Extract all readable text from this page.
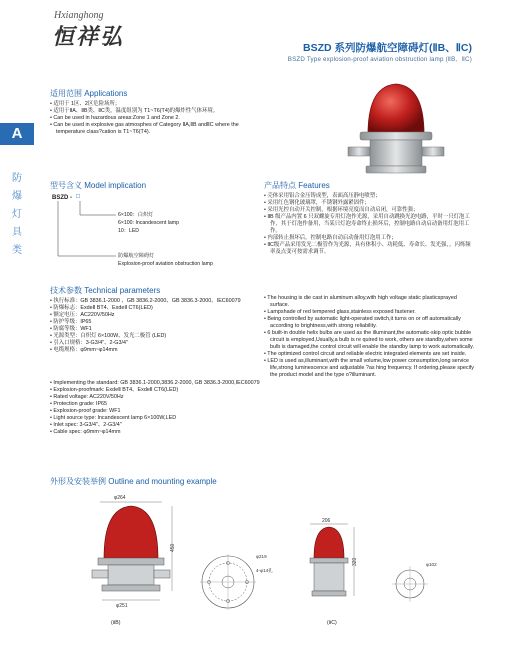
Hxianghong
恒祥弘	BSZD 系列防爆航空障碍灯(ⅡB、ⅡC)
BSZD Type explosion-proof aviation obstruction lamp (ⅡB、ⅡC)
A
防
爆
灯
具
类
适用范围 Applications

• 适用于 1区、2区危险场所；

• 适用于ⅡA、ⅡB类、ⅡC类，温度组别为 T1~T6(T4)的爆炸性气体环境。

• Can be used in hazardous areas:Zone 1 and Zone 2.

• Can be used in explosive gas atmosphes of Category ⅡA,ⅡB andⅡC where the temperature class?cation is T1~T6(T4).

型号含义 Model implication
BSZD - □
6×100：白炽灯
6×100: Incandescent lamp
10：LED
防爆航空障碍灯
Explosion-proof aviation obstruction lamp
技术参数 Technical parameters

• 执行标准：GB 3836.1-2000 、GB 3836.2-2000、GB 3836.3-2000、IEC60079

• 防爆标志：ExdeⅡ BT4、ExdeⅡ CT6(LED)

• 额定电压：AC220V/50Hz

• 防护等级：IP65

• 防腐等级：WF1

• 光源类型：白炽灯 6×100W、发光二极管 (LED)

• 引入口规格：3-G3/4"、2-G3/4"

• 电缆规格：φ9mm~φ14mm

• Implementing the standard: GB 3836.1-2000,3836.2-2000, GB 3836.3-2000,IEC60079

• Explosion-proofmark: ExdeⅡ BT4、ExdeⅡ CT6(LED)

• Rated voltage: AC220V/50Hz

• Protection grade: IP65

• Explosion-proof grade: WF1

• Light source type: Incandescent lamp 6×100W,LED

• Inlet spec: 3-G3/4"、2-G3/4"

• Cable spec: φ9mm~φ14mm

产品特点 Features

• 壳体采用铝合金压铸成型，表面高压静电喷塑；

• 采用红色钢化玻璃罩，不锈钢外露紧固件；

• 采用光控自动开关控制，根据环境亮度而自动启闭，可靠性强；

• ⅡB 级产品内置 6 只双螺旋专用灯泡作光源，采用自动跳换光泡电路，平时一只灯泡工作，其于灯泡作备用，当某只灯泡寿命终止损坏后，控制电路自动启动备用灯泡用工作。

• 内部转止损坏后，控制电路自动启动备用灯泡用工作；

• ⅡC级产品采用发光二极管作为光源，具有体积小、功耗低、寿命长、发光强，，闪烁频率及点变可按需求调节。

• The housing is die cast in aluminum alloy,with high voltage static plasticsprayed surface.

• Lampshade of red tempered glass,stainless exposed fastener.

• Being controlled by automatic light-operated switch,it turns on or off automatically according to brightness,with strong reliability.

• 6 built-in double helix bulbs are used as the illuminant,the automatic-skip optic bubble circuit is employed,Usually,a bulb is re quired to work, others are standby,when some bulb is damaged,the control circuit will enable the standby lamp to work automatically.

• The optimized control circuit and reliable electric integrated elements are set inside.

• LED is used as,illuminant,with the small volume,low power consumption,long service life,strong luminescence and adjustable ?as hing frequency. If ordering,please specify the product model and the type o?illuminant.

外形及安装举例 Outline and mounting example
φ264
450
φ251
φ219
4-φ14孔
206
320	φ102
(ⅡB)	(ⅡC)
